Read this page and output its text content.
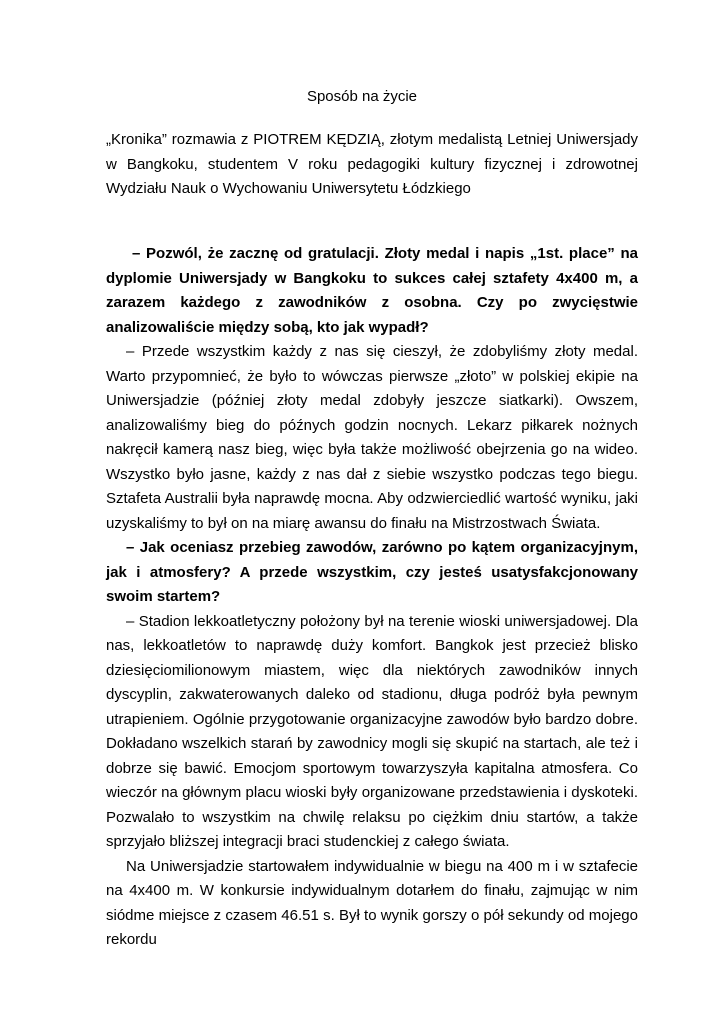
Sposób na życie

„Kronika” rozmawia z PIOTREM KĘDZIĄ, złotym medalistą Letniej Uniwersjady w Bangkoku, studentem V roku pedagogiki kultury fizycznej i zdrowotnej Wydziału Nauk o Wychowaniu Uniwersytetu Łódzkiego

– Pozwól, że zacznę od gratulacji. Złoty medal i napis „1st. place” na dyplomie Uniwersjady w Bangkoku to sukces całej sztafety 4x400 m, a zarazem każdego z zawodników z osobna. Czy po zwycięstwie analizowaliście między sobą, kto jak wypadł?

– Przede wszystkim każdy z nas się cieszył, że zdobyliśmy złoty medal. Warto przypomnieć, że było to wówczas pierwsze „złoto” w polskiej ekipie na Uniwersjadzie (później złoty medal zdobyły jeszcze siatkarki). Owszem, analizowaliśmy bieg do późnych godzin nocnych. Lekarz piłkarek nożnych nakręcił kamerą nasz bieg, więc była także możliwość obejrzenia go na wideo. Wszystko było jasne, każdy z nas dał z siebie wszystko podczas tego biegu. Sztafeta Australii była naprawdę mocna. Aby odzwierciedlić wartość wyniku, jaki uzyskaliśmy to był on na miarę awansu do finału na Mistrzostwach Świata.

– Jak oceniasz przebieg zawodów, zarówno po kątem organizacyjnym, jak i atmosfery? A przede wszystkim, czy jesteś usatysfakcjonowany swoim startem?

– Stadion lekkoatletyczny położony był na terenie wioski uniwersjadowej. Dla nas, lekkoatletów to naprawdę duży komfort. Bangkok jest przecież blisko dziesięciomilionowym miastem, więc dla niektórych zawodników innych dyscyplin, zakwaterowanych daleko od stadionu, długa podróż była pewnym utrapieniem. Ogólnie przygotowanie organizacyjne zawodów było bardzo dobre. Dokładano wszelkich starań by zawodnicy mogli się skupić na startach, ale też i dobrze się bawić. Emocjom sportowym towarzyszyła kapitalna atmosfera. Co wieczór na głównym placu wioski były organizowane przedstawienia i dyskoteki. Pozwalało to wszystkim na chwilę relaksu po ciężkim dniu startów, a także sprzyjało bliższej integracji braci studenckiej z całego świata.

Na Uniwersjadzie startowałem indywidualnie w biegu na 400 m i w sztafecie na 4x400 m. W konkursie indywidualnym dotarłem do finału, zajmując w nim siódme miejsce z czasem 46.51 s. Był to wynik gorszy o pół sekundy od mojego rekordu
